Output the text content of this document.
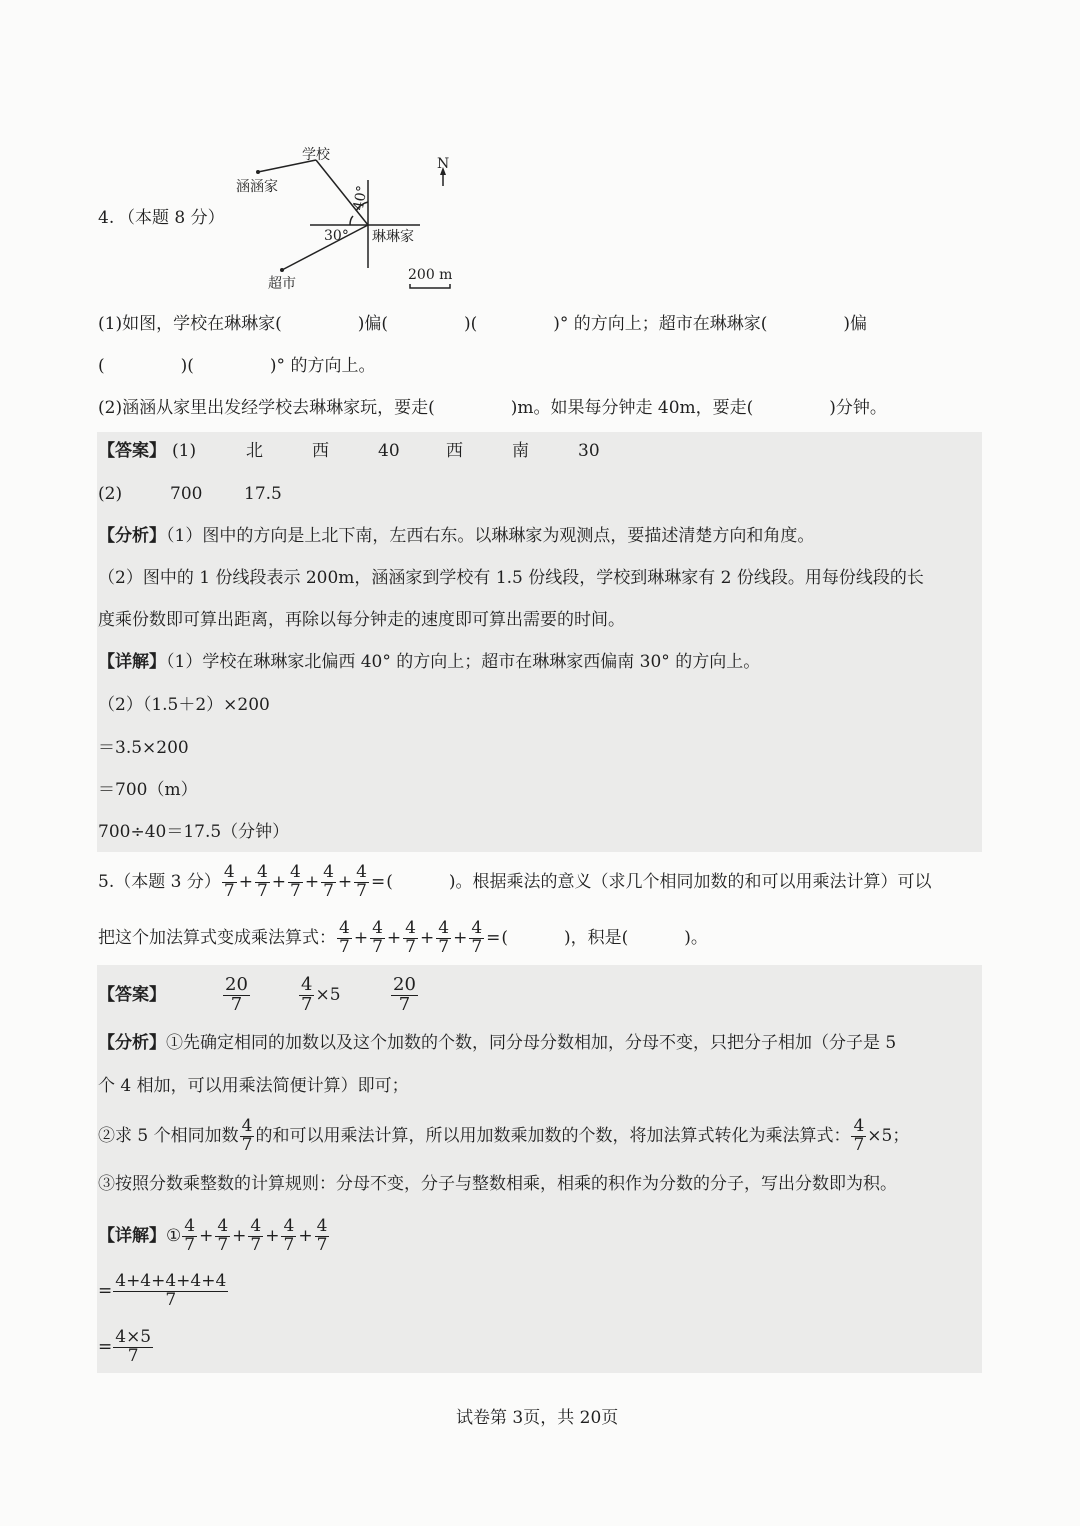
4. （本题 8 分）
学校
涵涵家
琳琳家
超市
N
40°
30°
200 m
(1)如图，学校在琳琳家(	)偏(	)(	)° 的方向上；超市在琳琳家(	)偏
(	)(	)° 的方向上。
(2)涵涵从家里出发经学校去琳琳家玩，要走(	)m。如果每分钟走 40m，要走(	)分钟。
【答案】 (1)	北	西	40	西	南	30
(2)	700 17.5
【分析】（1）图中的方向是上北下南，左西右东。以琳琳家为观测点，要描述清楚方向和角度。
（2）图中的 1 份线段表示 200m，涵涵家到学校有 1.5 份线段，学校到琳琳家有 2 份线段。用每份线段的长
度乘份数即可算出距离，再除以每分钟走的速度即可算出需要的时间。
【详解】（1）学校在琳琳家北偏西 40° 的方向上；超市在琳琳家西偏南 30° 的方向上。
（2）（1.5＋2）×200
＝3.5×200
＝700（m）
700÷40＝17.5（分钟）
5. （本题 3 分） $\frac{4}{7} + \frac{4}{7} + \frac{4}{7} + \frac{4}{7} + \frac{4}{7}$ = (	)。根据乘法的意义（求几个相同加数的和可以用乘法计算）可以
把这个加法算式变成乘法算式： $\frac{4}{7} + \frac{4}{7} + \frac{4}{7} + \frac{4}{7} + \frac{4}{7}$ = (	)，积是(	)。
【答案】	$\frac{20}{7}$	$\frac{4}{7} \times 5$	$\frac{20}{7}$
【分析】①先确定相同的加数以及这个加数的个数，同分母分数相加，分母不变，只把分子相加（分子是 5
个 4 相加，可以用乘法简便计算）即可；
②求 5 个相同加数 $\frac{4}{7}$ 的和可以用乘法计算，所以用加数乘加数的个数，将加法算式转化为乘法算式： $\frac{4}{7} \times 5$；
③按照分数乘整数的计算规则：分母不变，分子与整数相乘，相乘的积作为分数的分子，写出分数即为积。
【详解】 ① $\frac{4}{7} + \frac{4}{7} + \frac{4}{7} + \frac{4}{7} + \frac{4}{7}$
= $\frac{4+4+4+4+4}{7}$
= $\frac{4\times 5}{7}$
试卷第 3页，共 20页
